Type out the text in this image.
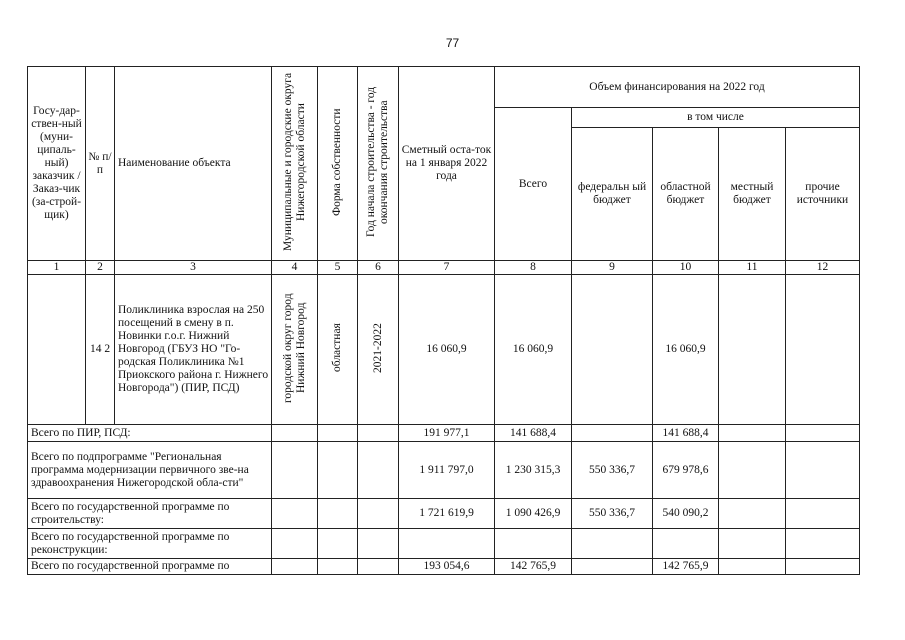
77
Госу-дар-ствен-ный (муни-ципаль-ный) заказчик / Заказ-чик (за-строй-щик)	№ п/п	Наименование объекта	Муниципальные и городские округа Нижегородской области	Форма собственности	Год начала строительства - год окончания строительства	Сметный оста-ток на 1 января 2022 года	Объем финансирования на 2022 год				
							Всего	в том числе			
								федеральн ый бюджет	областной бюджет	местный бюджет	прочие источники
1	2	3	4	5	6	7	8	9	10	11	12
	14 2	Поликлиника взрослая на 250 посещений в смену в п. Новинки г.о.г. Нижний Новгород (ГБУЗ НО "Го-родская Поликлиника №1 Приокского района г. Нижнего Новгорода") (ПИР, ПСД)	городской округ город Нижний Новгород	областная	2021-2022	16 060,9	16 060,9		16 060,9		
Всего по ПИР, ПСД:						191 977,1	141 688,4		141 688,4		
Всего по подпрограмме "Региональная программа модернизации первичного зве-на здравоохранения Нижегородской обла-сти"						1 911 797,0	1 230 315,3	550 336,7	679 978,6		
Всего по государственной программе по строительству:						1 721 619,9	1 090 426,9	550 336,7	540 090,2		
Всего по государственной программе по реконструкции:											
Всего по государственной программе по						193 054,6	142 765,9		142 765,9		
